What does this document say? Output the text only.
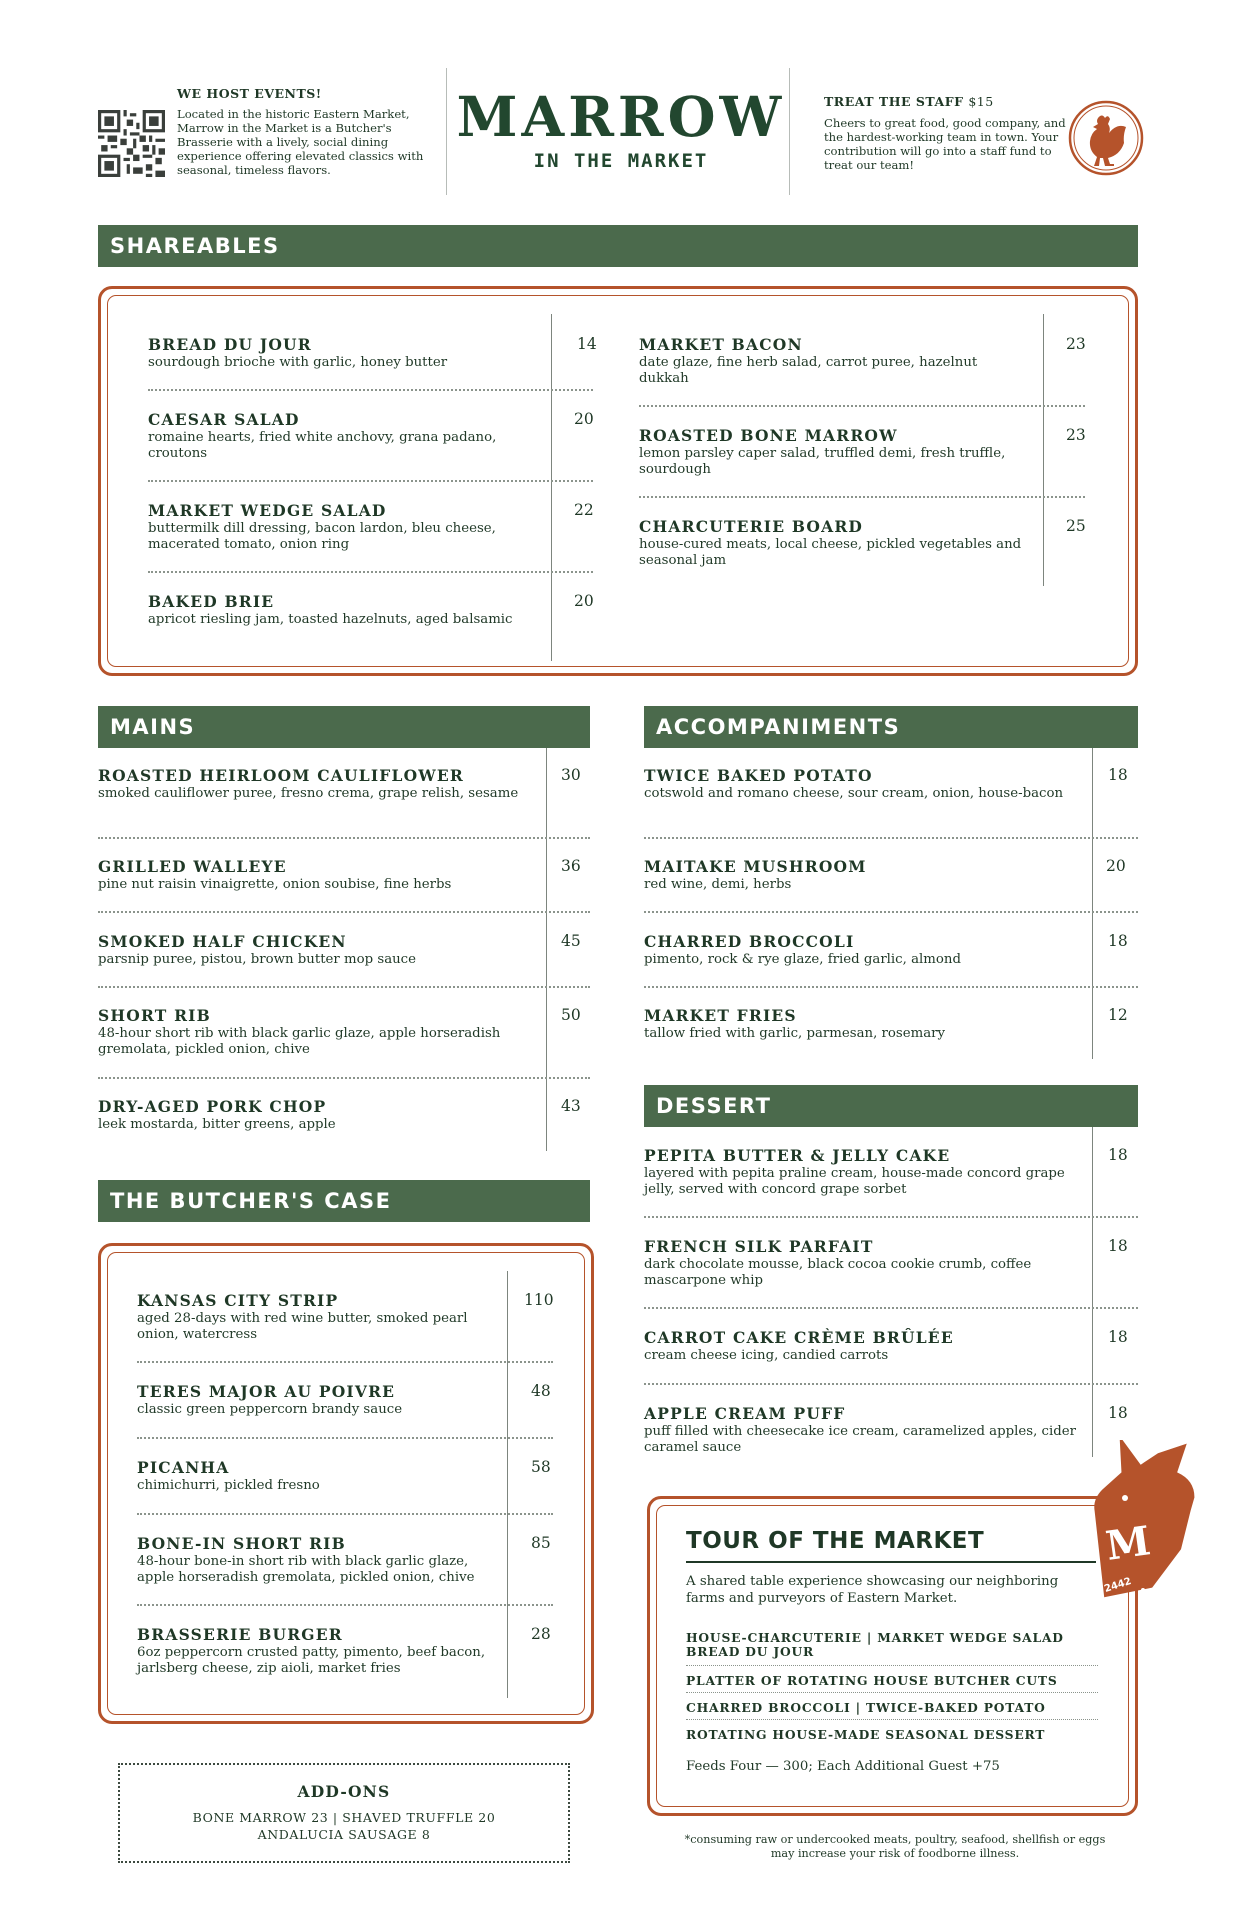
WE HOST EVENTS!
Located in the historic Eastern Market, Marrow in the Market is a Butcher's Brasserie with a lively, social dining experience offering elevated classics with seasonal, timeless flavors.
MARROW
IN THE MARKET
TREAT THE STAFF $15
Cheers to great food, good company, and the hardest-working team in town. Your contribution will go into a staff fund to treat our team!
SHAREABLES
BREAD DU JOUR
sourdough brioche with garlic, honey butter
14
CAESAR SALAD
romaine hearts, fried white anchovy, grana padano, croutons
20
MARKET WEDGE SALAD
buttermilk dill dressing, bacon lardon, bleu cheese, macerated tomato, onion ring
22
BAKED BRIE
apricot riesling jam, toasted hazelnuts, aged balsamic
20
MARKET BACON
date glaze, fine herb salad, carrot puree, hazelnut dukkah
23
ROASTED BONE MARROW
lemon parsley caper salad, truffled demi, fresh truffle, sourdough
23
CHARCUTERIE BOARD
house-cured meats, local cheese, pickled vegetables and seasonal jam
25
MAINS
ROASTED HEIRLOOM CAULIFLOWER
smoked cauliflower puree, fresno crema, grape relish, sesame
30
GRILLED WALLEYE
pine nut raisin vinaigrette, onion soubise, fine herbs
36
SMOKED HALF CHICKEN
parsnip puree, pistou, brown butter mop sauce
45
SHORT RIB
48-hour short rib with black garlic glaze, apple horseradish gremolata, pickled onion, chive
50
DRY-AGED PORK CHOP
leek mostarda, bitter greens, apple
43
ACCOMPANIMENTS
TWICE BAKED POTATO
cotswold and romano cheese, sour cream, onion, house-bacon
18
MAITAKE MUSHROOM
red wine, demi, herbs
20
CHARRED BROCCOLI
pimento, rock & rye glaze, fried garlic, almond
18
MARKET FRIES
tallow fried with garlic, parmesan, rosemary
12
DESSERT
PEPITA BUTTER & JELLY CAKE
layered with pepita praline cream, house-made concord grape jelly, served with concord grape sorbet
18
FRENCH SILK PARFAIT
dark chocolate mousse, black cocoa cookie crumb, coffee mascarpone whip
18
CARROT CAKE CRÈME BRÛLÉE
cream cheese icing, candied carrots
18
APPLE CREAM PUFF
puff filled with cheesecake ice cream, caramelized apples, cider caramel sauce
18
THE BUTCHER'S CASE
KANSAS CITY STRIP
aged 28-days with red wine butter, smoked pearl onion, watercress
110
TERES MAJOR AU POIVRE
classic green peppercorn brandy sauce
48
PICANHA
chimichurri, pickled fresno
58
BONE-IN SHORT RIB
48-hour bone-in short rib with black garlic glaze, apple horseradish gremolata, pickled onion, chive
85
BRASSERIE BURGER
6oz peppercorn crusted patty, pimento, beef bacon, jarlsberg cheese, zip aioli, market fries
28
ADD-ONS
BONE MARROW 23 | SHAVED TRUFFLE 20
ANDALUCIA SAUSAGE 8
TOUR OF THE MARKET
A shared table experience showcasing our neighboring farms and purveyors of Eastern Market.
HOUSE-CHARCUTERIE | MARKET WEDGE SALAD
BREAD DU JOUR
PLATTER OF ROTATING HOUSE BUTCHER CUTS
CHARRED BROCCOLI | TWICE-BAKED POTATO
ROTATING HOUSE-MADE SEASONAL DESSERT
Feeds Four — 300; Each Additional Guest +75
M
2442
*consuming raw or undercooked meats, poultry, seafood, shellfish or eggs may increase your risk of foodborne illness.
